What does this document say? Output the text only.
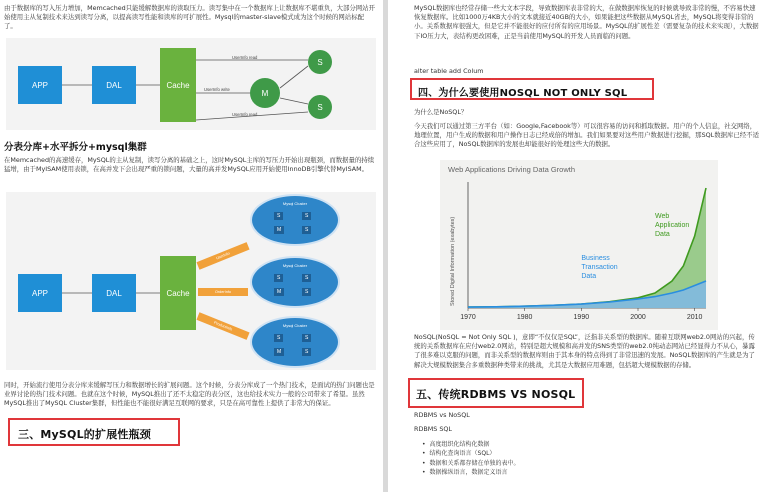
由于数据库的写入压力增加，Memcached只能缓解数据库的读取压力。读写集中在一个数据库上让数据库不堪重负，大部分网站开始使用主从复制技术来达到读写分离，以提高读写性能和读库的可扩展性。Mysql的master-slave模式成为这个时候的网站标配了。
APP	DAL	Cache
M
S
S
UserInfo read
UserInfo write
UserInfo read
分表分库+水平拆分+mysql集群
在Memcached的高速缓存，MySQL的主从复制，读写分离的基础之上，这时MySQL主库的写压力开始出现瓶颈，而数据量的持续猛增，由于MyISAM使用表锁，在高并发下会出现严重的锁问题，大量的高并发MySQL应用开始使用InnoDB引擎代替MyISAM。
APP	DAL	Cache
UserInfo
OrderInfo
ProductInfo
Mysql Cluster
S	S
M	S
Mysql Cluster
S	S
M	S
Mysql Cluster
S	S
M	S
同时，开始流行使用分表分库来缓解写压力和数据增长的扩展问题。这个时候，分表分库成了一个热门技术，是面试的热门问题也是业界讨论的热门技术问题。也就在这个时候，MySQL推出了还不太稳定的表分区，这也给技术实力一般的公司带来了希望。虽然MySQL推出了MySQL Cluster集群，但性能也不能很好满足互联网的要求，只是在高可靠性上提供了非常大的保证。
三、MySQL的扩展性瓶颈
MySQL数据库也经常存储一些大文本字段，导致数据库表非常的大，在做数据库恢复的时候就导致非常的慢，不容易快速恢复数据库。比如1000万4KB大小的文本就接近40GB的大小，如果能把这些数据从MySQL省去，MySQL将变得非常的小。关系数据库很强大，但是它并不能很好的应付所有的应用场景。MySQL的扩展性差（需要复杂的技术来实现），大数据下IO压力大，表结构更改困难，正是当前使用MySQL的开发人员面临的问题。
alter table add Colum
四、为什么要使用NOSQL NOT ONLY SQL
为什么是NoSQL？
今天我们可以通过第三方平台（如：Google,Facebook等）可以很容易的访问和抓取数据。用户的个人信息，社交网络，地理位置，用户生成的数据和用户操作日志已经成倍的增加。我们如果要对这些用户数据进行挖掘，那SQL数据库已经不适合这些应用了，NoSQL数据库的发展也却能很好的处理这些大的数据。
Web Applications Driving Data Growth
Stored Digital Information (exabytes)	Business Transaction Data
Web Application Data
1970	1980	1990	2000	2010
NoSQL(NoSQL = Not Only SQL )，意即“不仅仅是SQL”，泛指非关系型的数据库。随着互联网web2.0网站的兴起，传统的关系数据库在应付web2.0网站，特别是超大规模和高并发的SNS类型的web2.0纯动态网站已经显得力不从心，暴露了很多难以克服的问题，而非关系型的数据库则由于其本身的特点得到了非常迅速的发展。NoSQL数据库的产生就是为了解决大规模数据集合多重数据种类带来的挑战，尤其是大数据应用难题，包括超大规模数据的存储。
五、传统RDBMS VS NOSQL
RDBMS vs NoSQL
RDBMS SQL
• 高度组织化结构化数据
• 结构化查询语言（SQL）
• 数据和关系都存储在单独的表中。
• 数据操纵语言，数据定义语言
